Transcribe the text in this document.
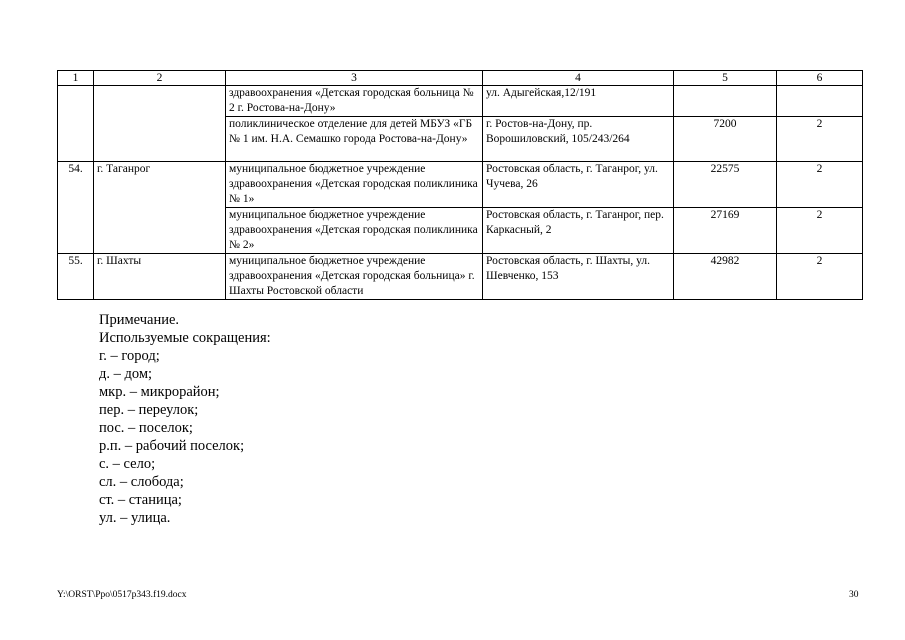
1	2	3	4	5	6
		здравоохранения «Детская городская больница № 2 г. Ростова-на-Дону»	ул. Адыгейская,12/191		
		поликлиническое отделение для детей МБУЗ «ГБ № 1 им. Н.А. Семашко города Ростова-на-Дону»	г. Ростов-на-Дону, пр. Ворошиловский, 105/243/264	7200	2
54.	г. Таганрог	муниципальное бюджетное учреждение здравоохранения «Детская городская поликлиника № 1»	Ростовская область, г. Таганрог, ул. Чучева, 26	22575	2
		муниципальное бюджетное учреждение здравоохранения «Детская городская поликлиника № 2»	Ростовская область, г. Таганрог, пер. Каркасный, 2	27169	2
55.	г. Шахты	муниципальное бюджетное учреждение здравоохранения «Детская городская больница» г. Шахты Ростовской области	Ростовская область, г. Шахты, ул. Шевченко, 153	42982	2
Примечание.
Используемые сокращения:
г. – город;
д. – дом;
мкр. – микрорайон;
пер. – переулок;
пос. – поселок;
р.п. – рабочий поселок;
с. – село;
сл. – слобода;
ст. – станица;
ул. – улица.
Y:\ORST\Ppo\0517p343.f19.docx	30
